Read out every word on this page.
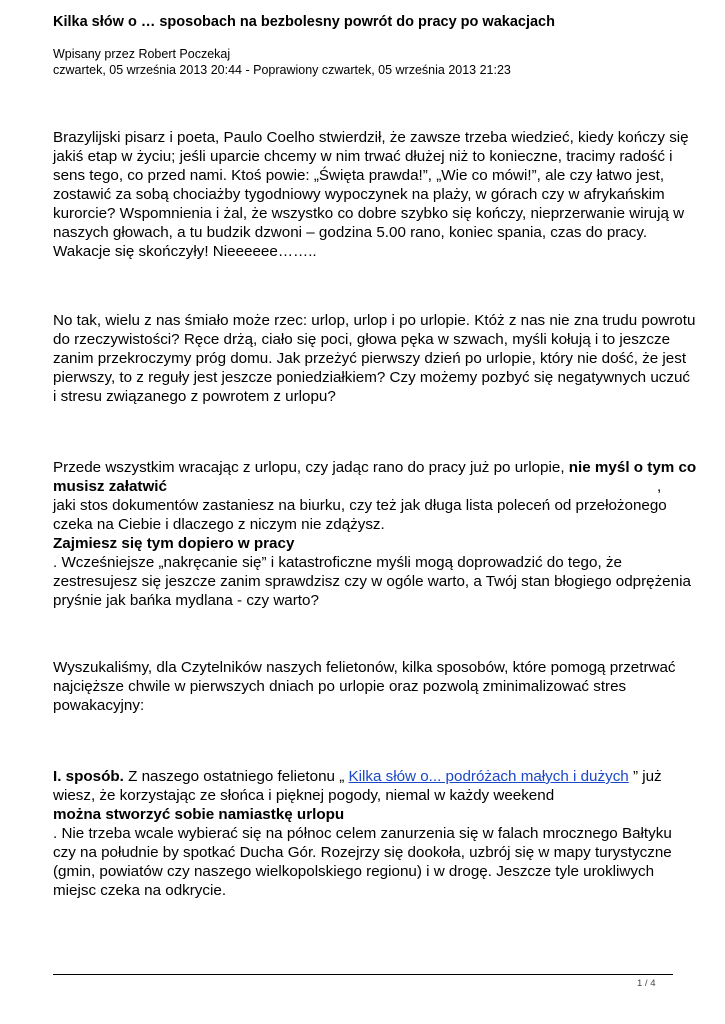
Kilka słów o … sposobach na bezbolesny powrót do pracy po wakacjach
Wpisany przez Robert Poczekaj
czwartek, 05 września 2013 20:44 - Poprawiony czwartek, 05 września 2013 21:23
Brazylijski pisarz i poeta, Paulo Coelho stwierdził, że zawsze trzeba wiedzieć, kiedy kończy się
jakiś etap w życiu; jeśli uparcie chcemy w nim trwać dłużej niż to konieczne, tracimy radość i
sens tego, co przed nami. Ktoś powie: „Święta prawda!”, „Wie co mówi!”, ale czy łatwo jest,
zostawić za sobą chociażby tygodniowy wypoczynek na plaży, w górach czy w afrykańskim
kurorcie? Wspomnienia i żal, że wszystko co dobre szybko się kończy, nieprzerwanie wirują w
naszych głowach, a tu budzik dzwoni – godzina 5.00 rano, koniec spania, czas do pracy.
Wakacje się skończyły! Nieeeeee……..
No tak, wielu z nas śmiało może rzec: urlop, urlop i po urlopie. Któż z nas nie zna trudu powrotu
do rzeczywistości? Ręce drżą, ciało się poci, głowa pęka w szwach, myśli kołują i to jeszcze
zanim przekroczymy próg domu. Jak przeżyć pierwszy dzień po urlopie, który nie dość, że jest
pierwszy, to z reguły jest jeszcze poniedziałkiem? Czy możemy pozbyć się negatywnych uczuć
i stresu związanego z powrotem z urlopu?
Przede wszystkim wracając z urlopu, czy jadąc rano do pracy już po urlopie, nie myśl o tym co
musisz załatwić	,
jaki stos dokumentów zastaniesz na biurku, czy też jak długa lista poleceń od przełożonego
czeka na Ciebie i dlaczego z niczym nie zdążysz.
Zajmiesz się tym dopiero w pracy
. Wcześniejsze „nakręcanie się” i katastroficzne myśli mogą doprowadzić do tego, że
zestresujesz się jeszcze zanim sprawdzisz czy w ogóle warto, a Twój stan błogiego odprężenia
pryśnie jak bańka mydlana - czy warto?
Wyszukaliśmy, dla Czytelników naszych felietonów, kilka sposobów, które pomogą przetrwać
najcięższe chwile w pierwszych dniach po urlopie oraz pozwolą zminimalizować stres
powakacyjny:
I. sposób. Z naszego ostatniego felietonu „ Kilka słów o... podróżach małych i dużych ” już
wiesz, że korzystając ze słońca i pięknej pogody, niemal w każdy weekend
można stworzyć sobie namiastkę urlopu
. Nie trzeba wcale wybierać się na północ celem zanurzenia się w falach mrocznego Bałtyku
czy na południe by spotkać Ducha Gór. Rozejrzy się dookoła, uzbrój się w mapy turystyczne
(gmin, powiatów czy naszego wielkopolskiego regionu) i w drogę. Jeszcze tyle urokliwych
miejsc czeka na odkrycie.
1 / 4
